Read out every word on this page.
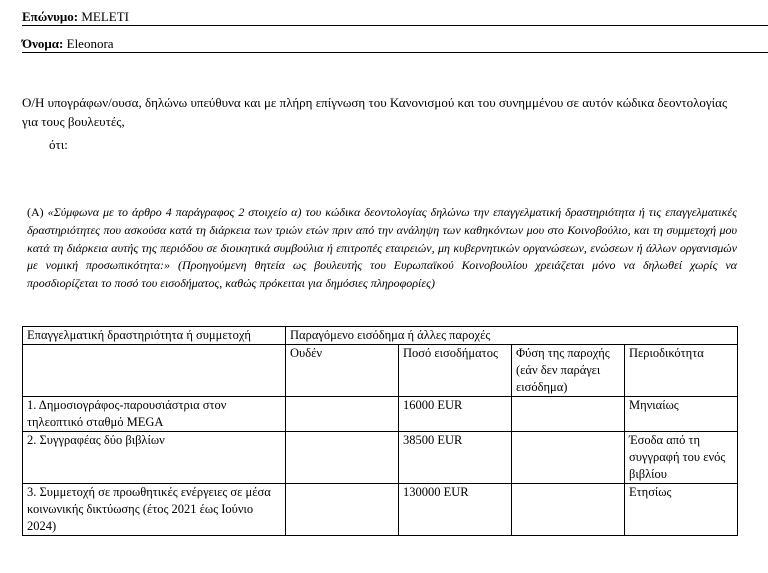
Επώνυμο: MELETI
Όνομα: Eleonora
Ο/Η υπογράφων/ουσα, δηλώνω υπεύθυνα και με πλήρη επίγνωση του Κανονισμού και του συνημμένου σε αυτόν κώδικα δεοντολογίας για τους βουλευτές,
ότι:
(A) «Σύμφωνα με το άρθρο 4 παράγραφος 2 στοιχείο α) του κώδικα δεοντολογίας δηλώνω την επαγγελματική δραστηριότητα ή τις επαγγελματικές δραστηριότητες που ασκούσα κατά τη διάρκεια των τριών ετών πριν από την ανάληψη των καθηκόντων μου στο Κοινοβούλιο, και τη συμμετοχή μου κατά τη διάρκεια αυτής της περιόδου σε διοικητικά συμβούλια ή επιτροπές εταιρειών, μη κυβερνητικών οργανώσεων, ενώσεων ή άλλων οργανισμών με νομική προσωπικότητα:» (Προηγούμενη θητεία ως βουλευτής του Ευρωπαϊκού Κοινοβουλίου χρειάζεται μόνο να δηλωθεί χωρίς να προσδιορίζεται το ποσό του εισοδήματος, καθώς πρόκειται για δημόσιες πληροφορίες)
Επαγγελματική δραστηριότητα ή συμμετοχή	Παραγόμενο εισόδημα ή άλλες παροχές			
	Ουδέν	Ποσό εισοδήματος	Φύση της παροχής (εάν δεν παράγει εισόδημα)	Περιοδικότητα
1. Δημοσιογράφος-παρουσιάστρια στον τηλεοπτικό σταθμό MEGA		16000 EUR		Μηνιαίως
2. Συγγραφέας δύο βιβλίων		38500 EUR		Έσοδα από τη συγγραφή του ενός βιβλίου
3. Συμμετοχή σε προωθητικές ενέργειες σε μέσα κοινωνικής δικτύωσης (έτος 2021 έως Ιούνιο 2024)		130000 EUR		Ετησίως
